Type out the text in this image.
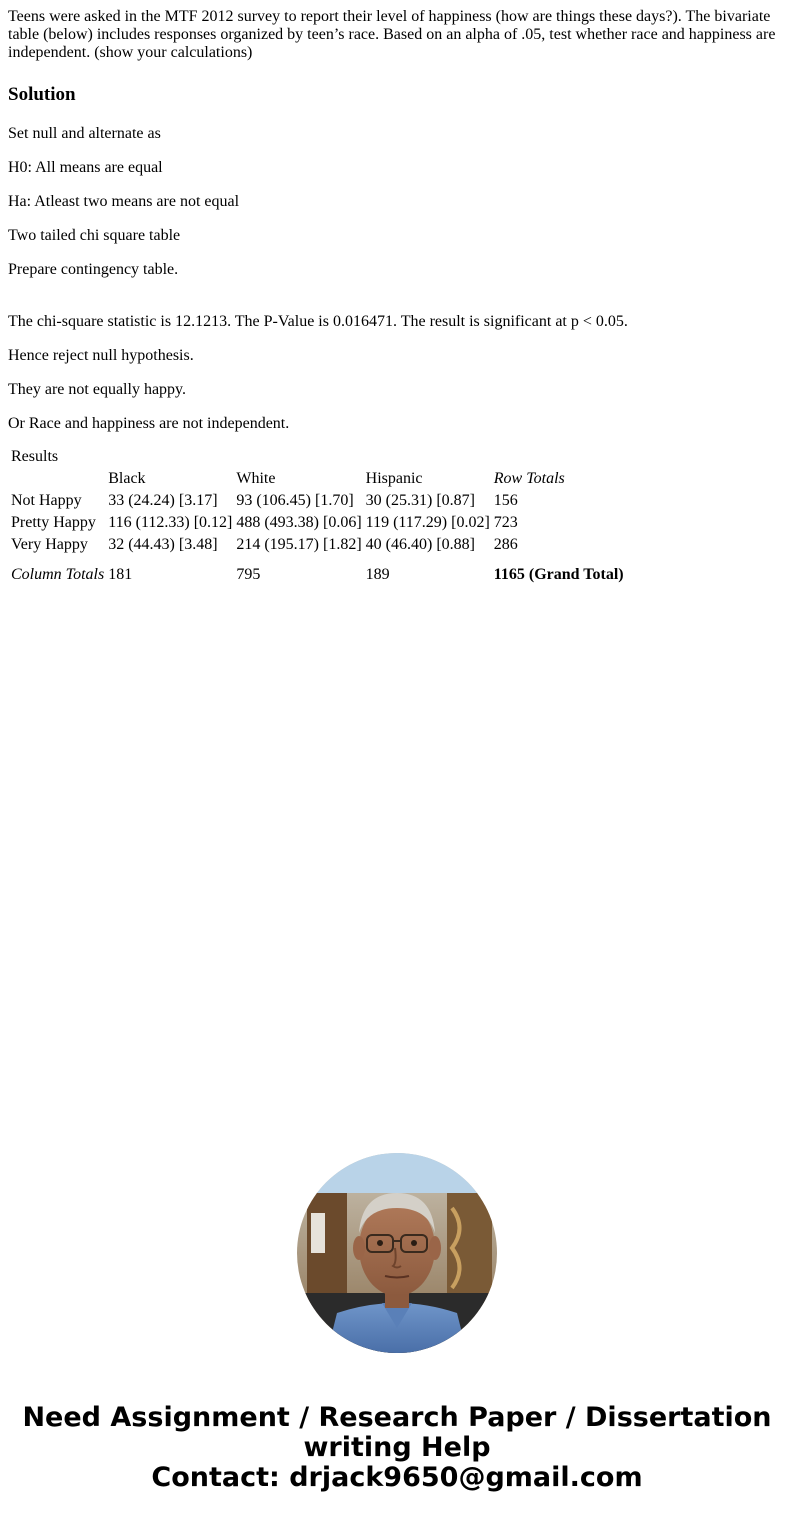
Teens were asked in the MTF 2012 survey to report their level of happiness (how are things these days?). The bivariate table (below) includes responses organized by teen’s race. Based on an alpha of .05, test whether race and happiness are independent. (show your calculations)

Solution

Set null and alternate as

H0: All means are equal

Ha: Atleast two means are not equal

Two tailed chi square table

Prepare contingency table.

The chi-square statistic is 12.1213. The P-Value is 0.016471. The result is significant at p < 0.05.

Hence reject null hypothesis.

They are not equally happy.

Or Race and happiness are not independent.

Results				
	Black	White	Hispanic	Row Totals
Not Happy	33 (24.24) [3.17]	93 (106.45) [1.70]	30 (25.31) [0.87]	156
Pretty Happy	116 (112.33) [0.12]	488 (493.38) [0.06]	119 (117.29) [0.02]	723
Very Happy	32 (44.43) [3.48]	214 (195.17) [1.82]	40 (46.40) [0.88]	286
Column Totals	181	795	189	1165 (Grand Total)
Need Assignment / Research Paper / Dissertation
writing Help
Contact: drjack9650@gmail.com
